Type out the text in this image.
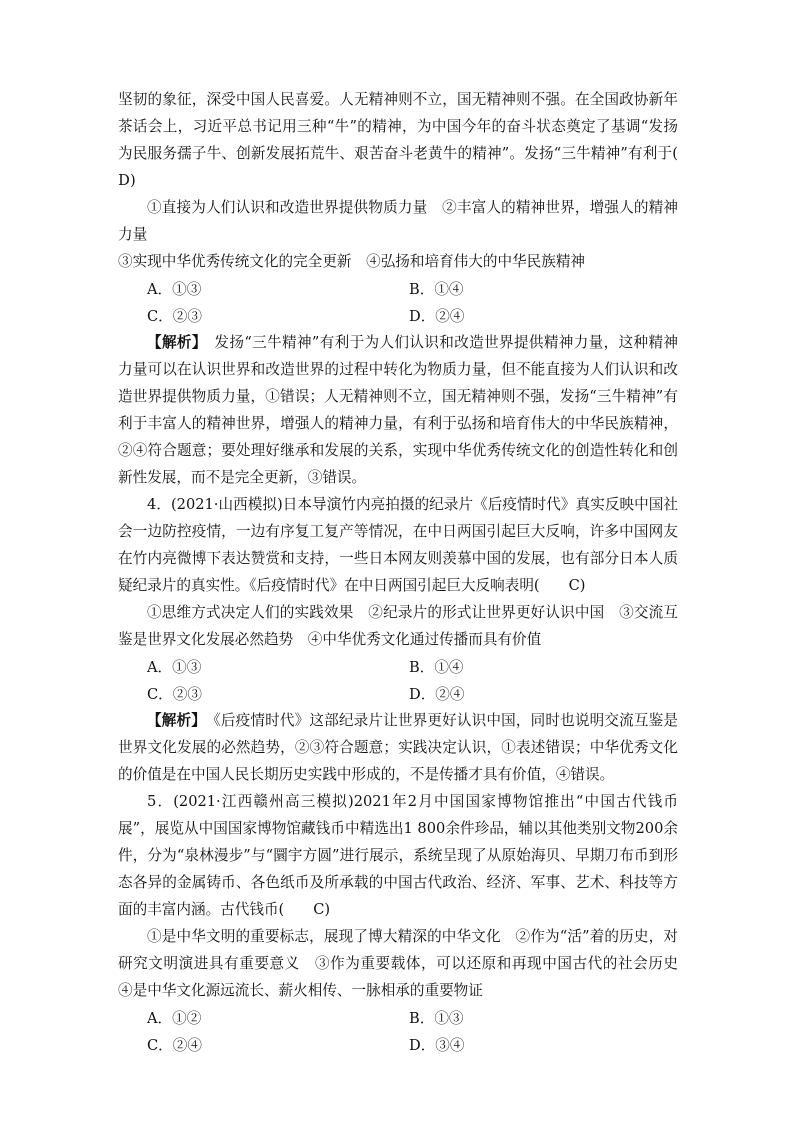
坚韧的象征，深受中国人民喜爱。人无精神则不立，国无精神则不强。在全国政协新年茶话会上，习近平总书记用三种“牛”的精神，为中国今年的奋斗状态奠定了基调“发扬为民服务孺子牛、创新发展拓荒牛、艰苦奋斗老黄牛的精神”。发扬“三牛精神”有利于(D)

①直接为人们认识和改造世界提供物质力量　②丰富人的精神世界，增强人的精神力量

③实现中华优秀传统文化的完全更新　④弘扬和培育伟大的中华民族精神

A．①③	B．①④
C．②③	D．②④

【解析】　发扬“三牛精神”有利于为人们认识和改造世界提供精神力量，这种精神力量可以在认识世界和改造世界的过程中转化为物质力量，但不能直接为人们认识和改造世界提供物质力量，①错误；人无精神则不立，国无精神则不强，发扬“三牛精神”有利于丰富人的精神世界，增强人的精神力量，有利于弘扬和培育伟大的中华民族精神，②④符合题意；要处理好继承和发展的关系，实现中华优秀传统文化的创造性转化和创新性发展，而不是完全更新，③错误。

4．(2021·山西模拟)日本导演竹内亮拍摄的纪录片《后疫情时代》真实反映中国社会一边防控疫情，一边有序复工复产等情况，在中日两国引起巨大反响，许多中国网友在竹内亮微博下表达赞赏和支持，一些日本网友则羡慕中国的发展，也有部分日本人质疑纪录片的真实性。《后疫情时代》在中日两国引起巨大反响表明( C)

①思维方式决定人们的实践效果　②纪录片的形式让世界更好认识中国　③交流互鉴是世界文化发展必然趋势　④中华优秀文化通过传播而具有价值

A．①③	B．①④
C．②③	D．②④

【解析】　《后疫情时代》这部纪录片让世界更好认识中国，同时也说明交流互鉴是世界文化发展的必然趋势，②③符合题意；实践决定认识，①表述错误；中华优秀文化的价值是在中国人民长期历史实践中形成的，不是传播才具有价值，④错误。

5．(2021·江西赣州高三模拟)2021年2月中国国家博物馆推出“中国古代钱币展”，展览从中国国家博物馆藏钱币中精选出1 800余件珍品，辅以其他类别文物200余件，分为“泉林漫步”与“圜宇方圆”进行展示，系统呈现了从原始海贝、早期刀布币到形态各异的金属铸币、各色纸币及所承载的中国古代政治、经济、军事、艺术、科技等方面的丰富内涵。古代钱币( C)

①是中华文明的重要标志，展现了博大精深的中华文化　②作为“活”着的历史，对研究文明演进具有重要意义　③作为重要载体，可以还原和再现中国古代的社会历史　④是中华文化源远流长、薪火相传、一脉相承的重要物证

A．①②	B．①③
C．②④	D．③④
